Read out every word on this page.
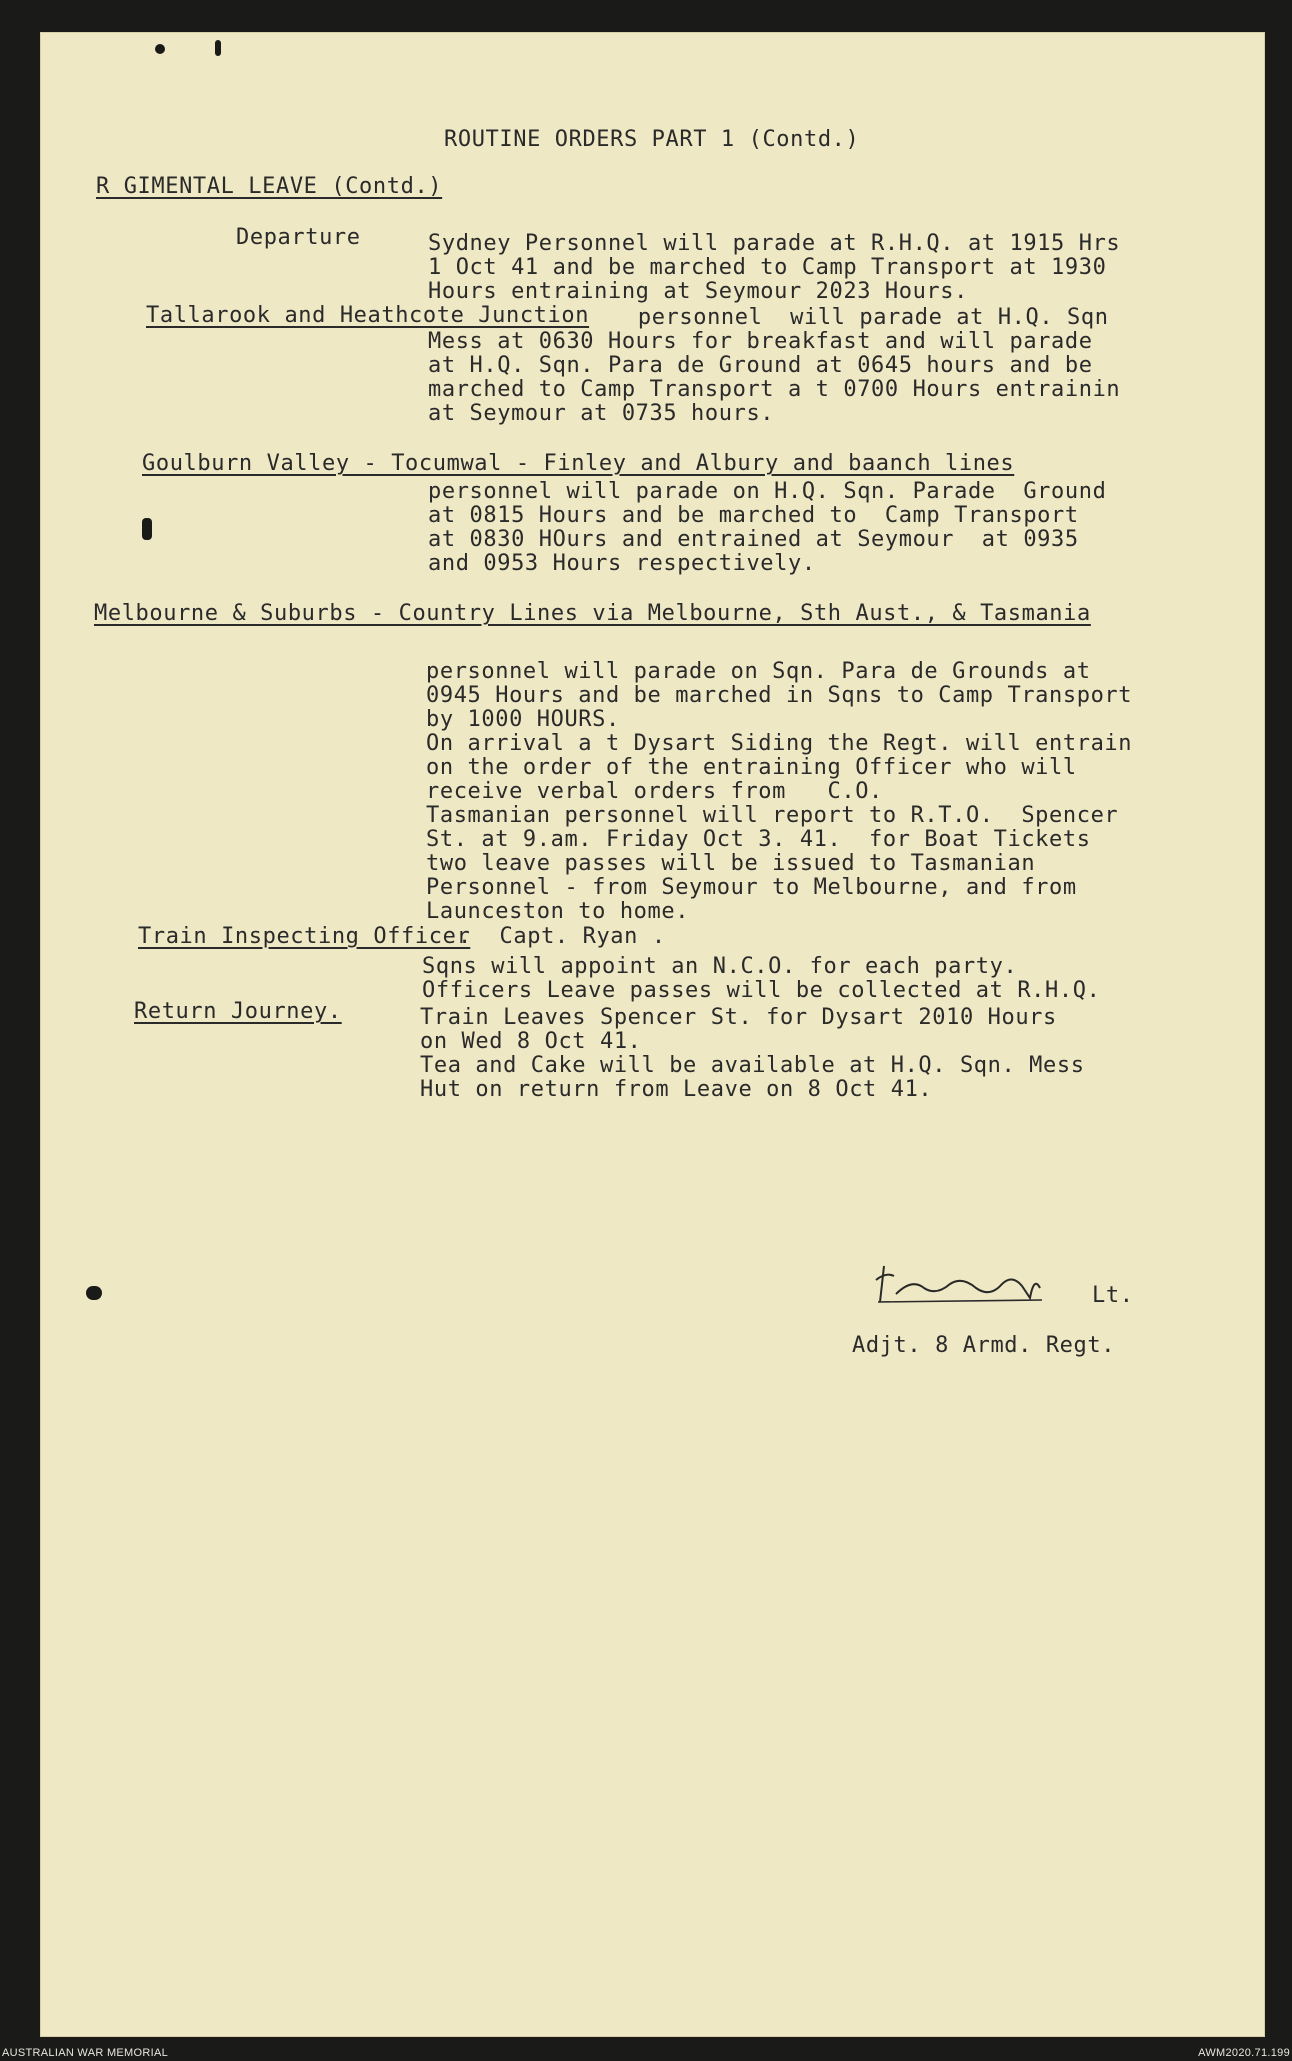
ROUTINE ORDERS PART 1 (Contd.)
R GIMENTAL LEAVE (Contd.)
Departure	Sydney Personnel will parade at R.H.Q. at 1915 Hrs
1 Oct 41 and be marched to Camp Transport at 1930
Hours entraining at Seymour 2023 Hours.
Tallarook and Heathcote Junction personnel  will parade at H.Q. Sqn
Mess at 0630 Hours for breakfast and will parade
at H.Q. Sqn. Para de Ground at 0645 hours and be
marched to Camp Transport a t 0700 Hours entrainin
at Seymour at 0735 hours.
Goulburn Valley - Tocumwal - Finley and Albury and baanch lines
personnel will parade on H.Q. Sqn. Parade  Ground
at 0815 Hours and be marched to  Camp Transport
at 0830 HOurs and entrained at Seymour  at 0935
and 0953 Hours respectively.
Melbourne & Suburbs - Country Lines via Melbourne, Sth Aust., & Tasmania
personnel will parade on Sqn. Para de Grounds at
0945 Hours and be marched in Sqns to Camp Transport
by 1000 HOURS.
On arrival a t Dysart Siding the Regt. will entrain
on the order of the entraining Officer who will
receive verbal orders from   C.O.
Tasmanian personnel will report to R.T.O.  Spencer
St. at 9.am. Friday Oct 3. 41.  for Boat Tickets
two leave passes will be issued to Tasmanian
Personnel - from Seymour to Melbourne, and from
Launceston to home.
Train Inspecting Officer
.  Capt. Ryan .
Sqns will appoint an N.C.O. for each party.
Officers Leave passes will be collected at R.H.Q.
Return Journey.	Train Leaves Spencer St. for Dysart 2010 Hours
on Wed 8 Oct 41.
Tea and Cake will be available at H.Q. Sqn. Mess
Hut on return from Leave on 8 Oct 41.
Lt.
Adjt. 8 Armd. Regt.
AUSTRALIAN WAR MEMORIAL	AWM2020.71.199
